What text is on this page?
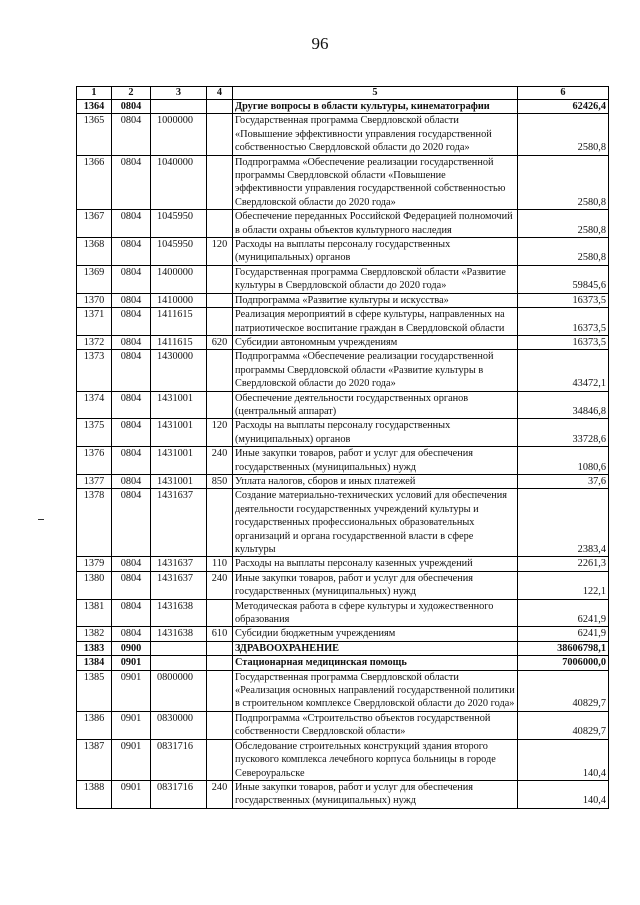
96
1	2	3	4	5	6
1364	0804			Другие вопросы в области культуры, кинематографии	62426,4
1365	0804	1000000		Государственная программа Свердловской области «Повышение эффективности управления государственной собственностью Свердловской области до 2020 года»	2580,8
1366	0804	1040000		Подпрограмма «Обеспечение реализации государственной программы Свердловской области «Повышение эффективности управления государственной собственностью Свердловской области до 2020 года»	2580,8
1367	0804	1045950		Обеспечение переданных Российской Федерацией полномочий в области охраны объектов культурного наследия	2580,8
1368	0804	1045950	120	Расходы на выплаты персоналу государственных (муниципальных) органов	2580,8
1369	0804	1400000		Государственная программа Свердловской области «Развитие культуры в Свердловской области до 2020 года»	59845,6
1370	0804	1410000		Подпрограмма «Развитие культуры и искусства»	16373,5
1371	0804	1411615		Реализация мероприятий в сфере культуры, направленных на патриотическое воспитание граждан в Свердловской области	16373,5
1372	0804	1411615	620	Субсидии автономным учреждениям	16373,5
1373	0804	1430000		Подпрограмма «Обеспечение реализации государственной программы Свердловской области «Развитие культуры в Свердловской области до 2020 года»	43472,1
1374	0804	1431001		Обеспечение деятельности государственных органов (центральный аппарат)	34846,8
1375	0804	1431001	120	Расходы на выплаты персоналу государственных (муниципальных) органов	33728,6
1376	0804	1431001	240	Иные закупки товаров, работ и услуг для обеспечения государственных (муниципальных) нужд	1080,6
1377	0804	1431001	850	Уплата налогов, сборов и иных платежей	37,6
1378	0804	1431637		Создание материально-технических условий для обеспечения деятельности государственных учреждений культуры и государственных профессиональных образовательных организаций и органа государственной власти в сфере культуры	2383,4
1379	0804	1431637	110	Расходы на выплаты персоналу казенных учреждений	2261,3
1380	0804	1431637	240	Иные закупки товаров, работ и услуг для обеспечения государственных (муниципальных) нужд	122,1
1381	0804	1431638		Методическая работа в сфере культуры и художественного образования	6241,9
1382	0804	1431638	610	Субсидии бюджетным учреждениям	6241,9
1383	0900			ЗДРАВООХРАНЕНИЕ	38606798,1
1384	0901			Стационарная медицинская помощь	7006000,0
1385	0901	0800000		Государственная программа Свердловской области «Реализация основных направлений государственной политики в строительном комплексе Свердловской области до 2020 года»	40829,7
1386	0901	0830000		Подпрограмма «Строительство объектов государственной собственности Свердловской области»	40829,7
1387	0901	0831716		Обследование строительных конструкций здания второго пускового комплекса лечебного корпуса больницы в городе Североуральске	140,4
1388	0901	0831716	240	Иные закупки товаров, работ и услуг для обеспечения государственных (муниципальных) нужд	140,4
